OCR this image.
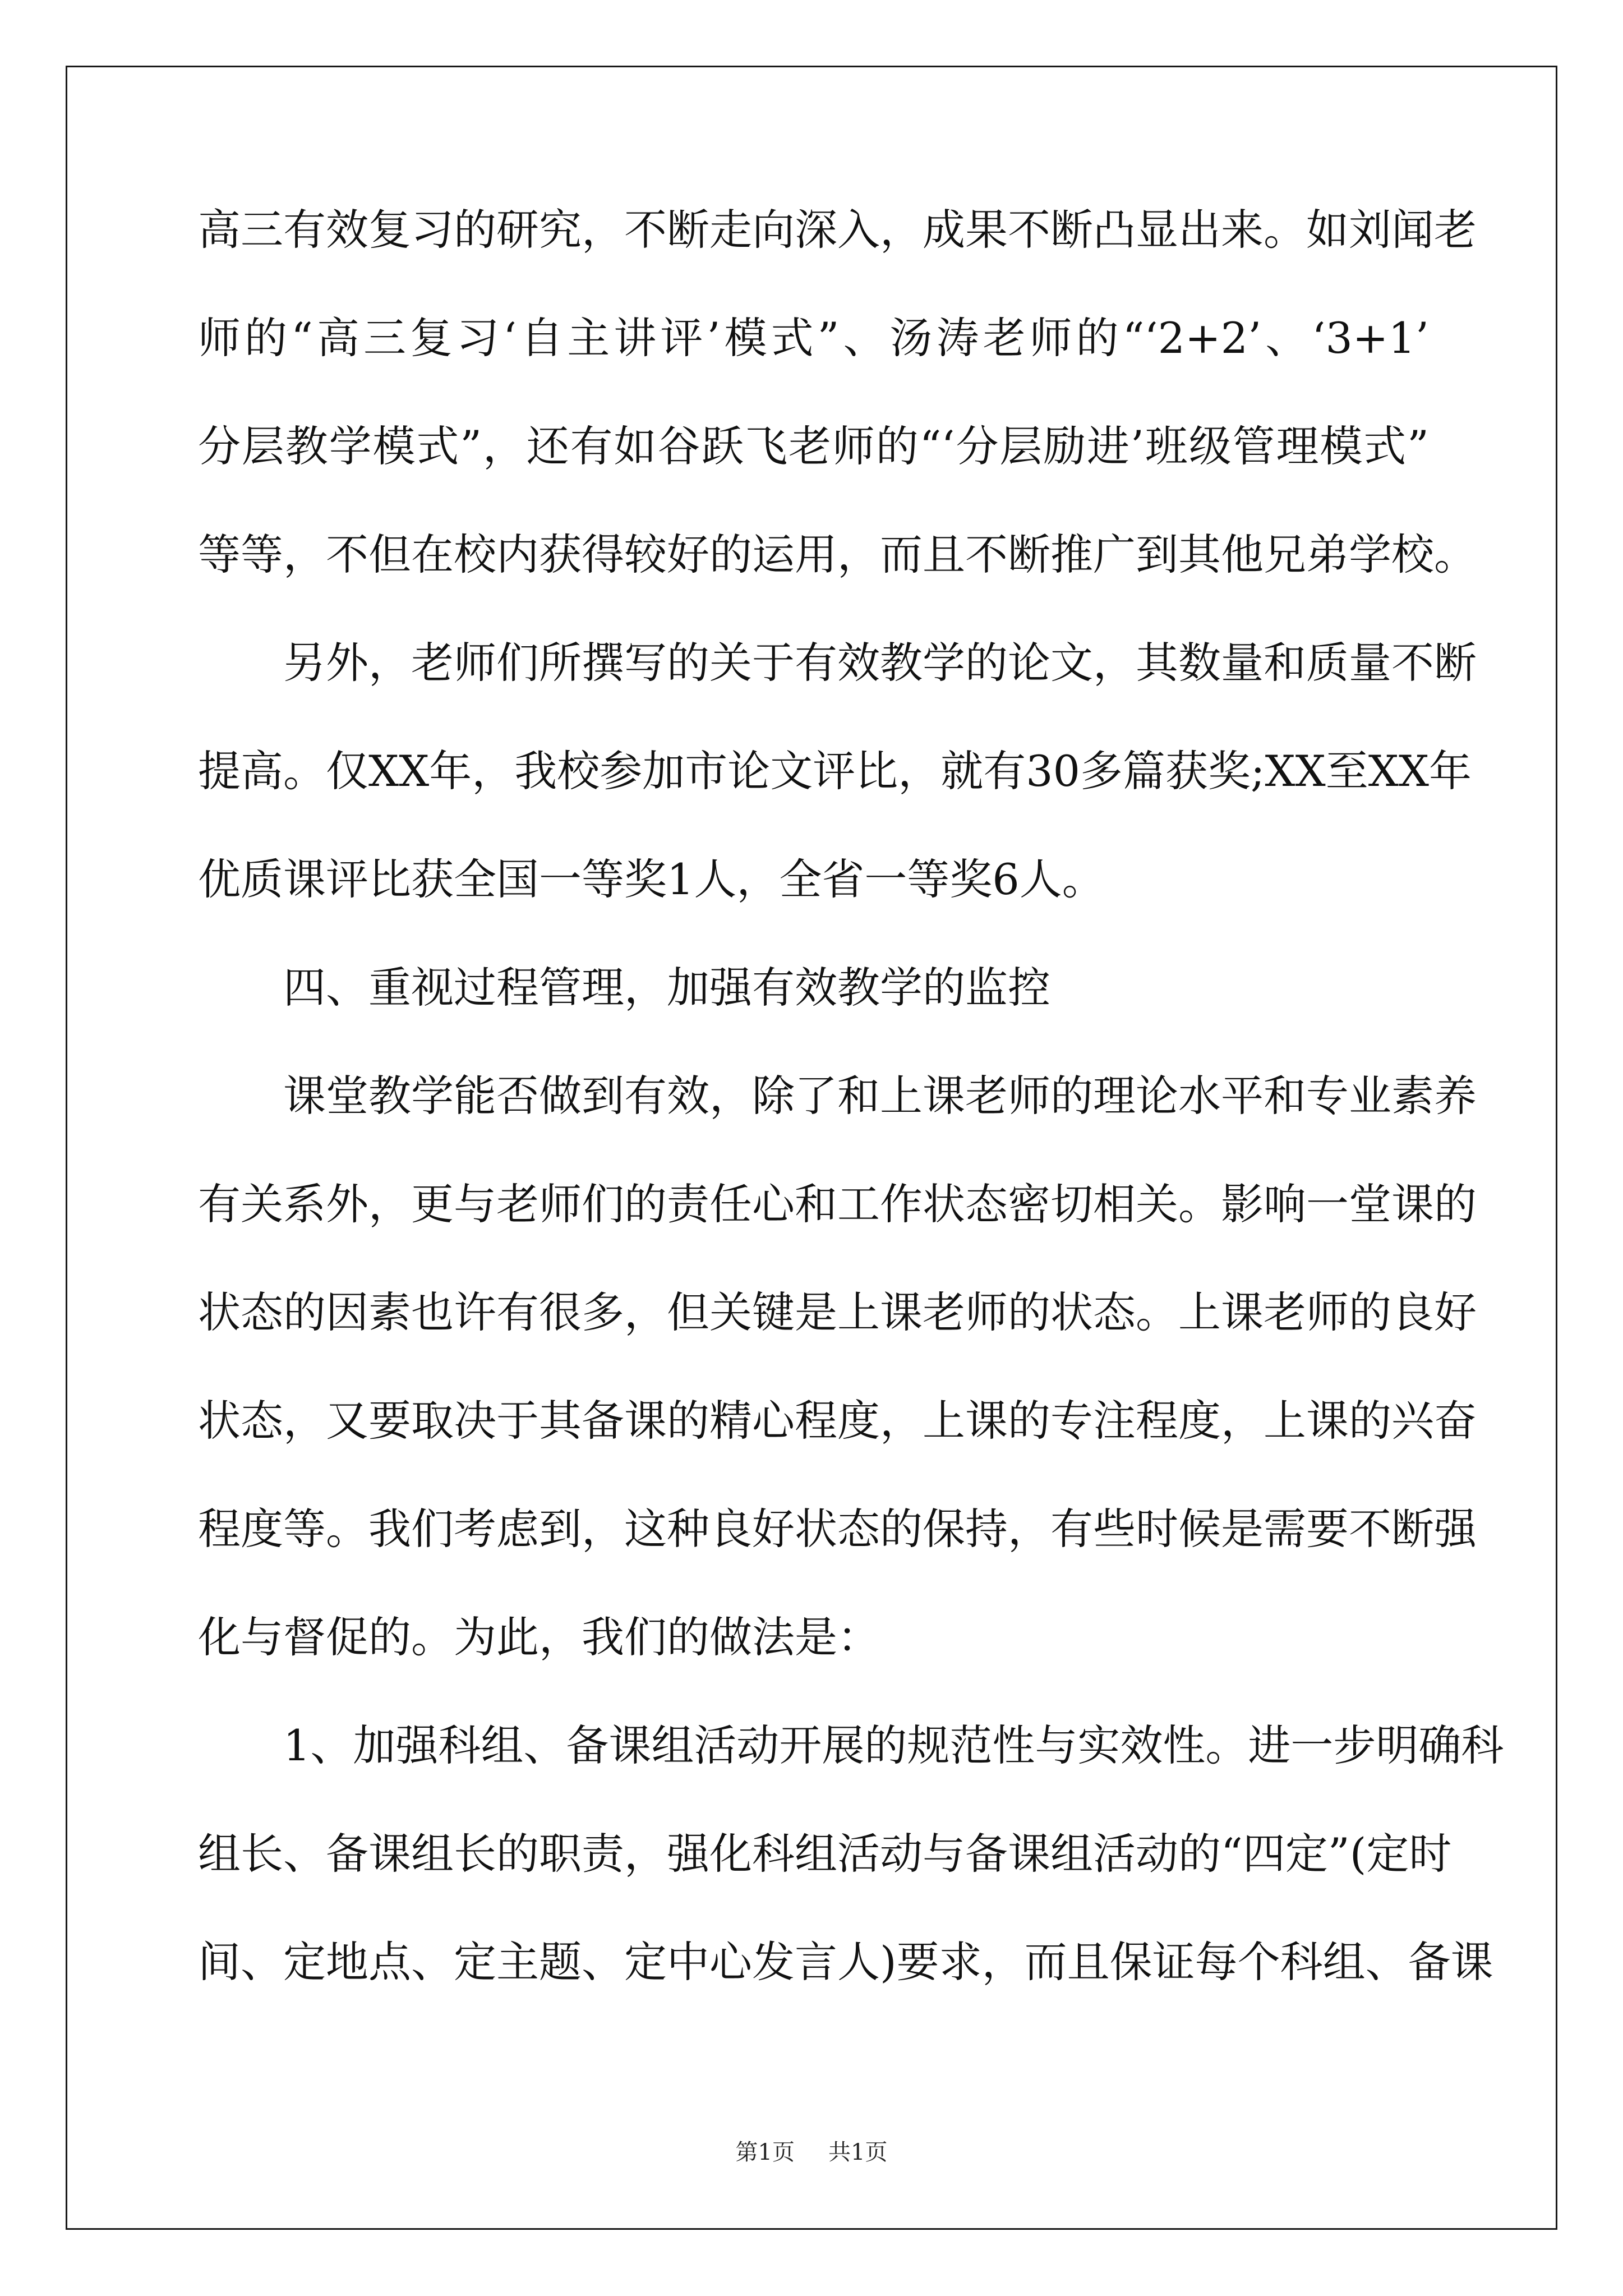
高三有效复习的研究，不断走向深入，成果不断凸显出来。如刘闻老
师的“高三复习‘自主讲评’模式”、汤涛老师的“‘2+2’、‘3+1’
分层教学模式”，还有如谷跃飞老师的“‘分层励进’班级管理模式”
等等，不但在校内获得较好的运用，而且不断推广到其他兄弟学校。
另外，老师们所撰写的关于有效教学的论文，其数量和质量不断
提高。仅XX年，我校参加市论文评比，就有30多篇获奖;XX至XX年
优质课评比获全国一等奖1人，全省一等奖6人。
四、重视过程管理，加强有效教学的监控
课堂教学能否做到有效，除了和上课老师的理论水平和专业素养
有关系外，更与老师们的责任心和工作状态密切相关。影响一堂课的
状态的因素也许有很多，但关键是上课老师的状态。上课老师的良好
状态，又要取决于其备课的精心程度，上课的专注程度，上课的兴奋
程度等。我们考虑到，这种良好状态的保持，有些时候是需要不断强
化与督促的。为此，我们的做法是：
1、加强科组、备课组活动开展的规范性与实效性。进一步明确科
组长、备课组长的职责，强化科组活动与备课组活动的“四定”(定时
间、定地点、定主题、定中心发言人)要求，而且保证每个科组、备课
第1页 共1页
